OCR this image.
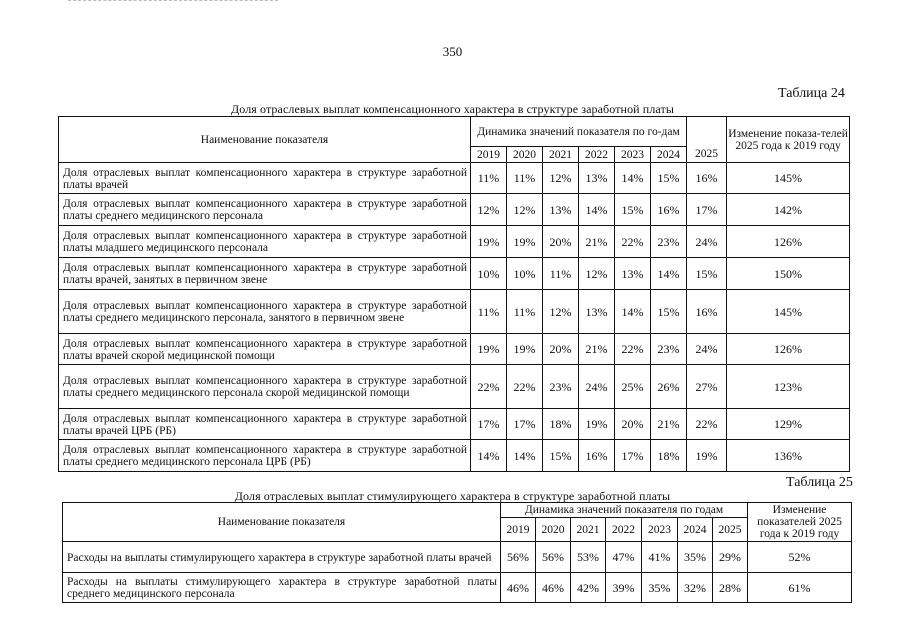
350
Таблица 24
Доля отраслевых выплат компенсационного характера в структуре заработной платы
Наименование показателя	Динамика значений показателя по го-дам							Изменение показа-телей 2025 года к 2019 году
	2019	2020	2021	2022	2023	2024	2025	
Доля отраслевых выплат компенсационного характера в структуре заработной платы врачей	11%	11%	12%	13%	14%	15%	16%	145%
Доля отраслевых выплат компенсационного характера в структуре заработной платы среднего медицинского персонала	12%	12%	13%	14%	15%	16%	17%	142%
Доля отраслевых выплат компенсационного характера в структуре заработной платы младшего медицинского персонала	19%	19%	20%	21%	22%	23%	24%	126%
Доля отраслевых выплат компенсационного характера в структуре заработной платы врачей, занятых в первичном звене	10%	10%	11%	12%	13%	14%	15%	150%
Доля отраслевых выплат компенсационного характера в структуре заработной платы среднего медицинского персонала, занятого в первичном звене	11%	11%	12%	13%	14%	15%	16%	145%
Доля отраслевых выплат компенсационного характера в структуре заработной платы врачей скорой медицинской помощи	19%	19%	20%	21%	22%	23%	24%	126%
Доля отраслевых выплат компенсационного характера в структуре заработной платы среднего медицинского персонала скорой медицинской помощи	22%	22%	23%	24%	25%	26%	27%	123%
Доля отраслевых выплат компенсационного характера в структуре заработной платы врачей ЦРБ (РБ)	17%	17%	18%	19%	20%	21%	22%	129%
Доля отраслевых выплат компенсационного характера в структуре заработной платы среднего медицинского персонала ЦРБ (РБ)	14%	14%	15%	16%	17%	18%	19%	136%
Таблица 25
Доля отраслевых выплат стимулирующего характера в структуре заработной платы
Наименование показателя	Динамика значений показателя по годам							Изменение показателей 2025 года к 2019 году
	2019	2020	2021	2022	2023	2024	2025	
Расходы на выплаты стимулирующего характера в структуре заработной платы врачей	56%	56%	53%	47%	41%	35%	29%	52%
Расходы на выплаты стимулирующего характера в структуре заработной платы среднего медицинского персонала	46%	46%	42%	39%	35%	32%	28%	61%
